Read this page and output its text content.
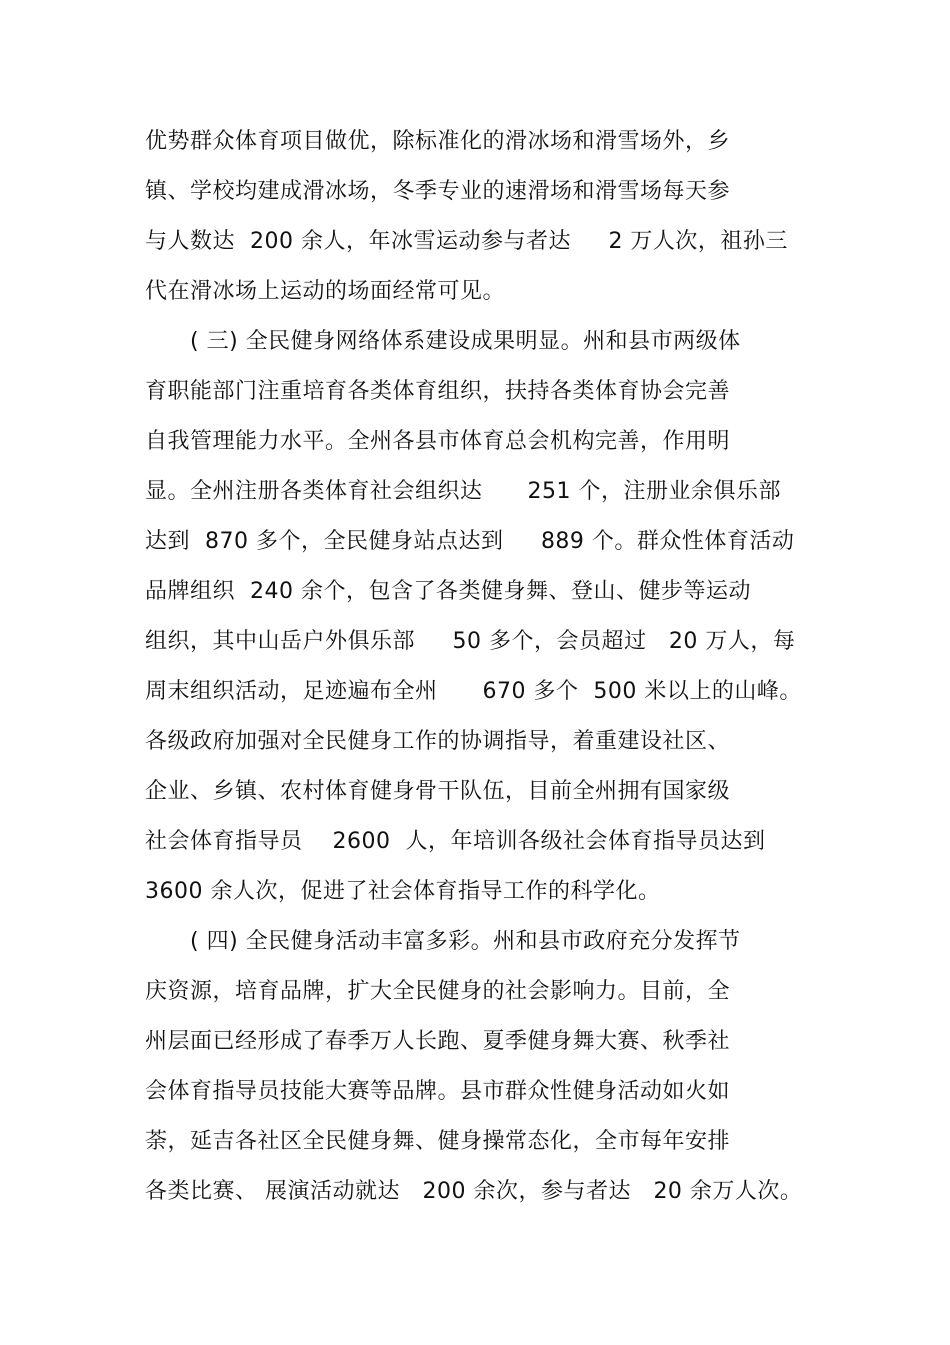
优势群众体育项目做优，除标准化的滑冰场和滑雪场外，乡
镇、学校均建成滑冰场，冬季专业的速滑场和滑雪场每天参
与人数达  200 余人，年冰雪运动参与者达     2 万人次，祖孙三
代在滑冰场上运动的场面经常可见。
( 三) 全民健身网络体系建设成果明显。州和县市两级体
育职能部门注重培育各类体育组织，扶持各类体育协会完善
自我管理能力水平。全州各县市体育总会机构完善，作用明
显。全州注册各类体育社会组织达      251 个，注册业余俱乐部
达到  870 多个，全民健身站点达到     889 个。群众性体育活动
品牌组织  240 余个，包含了各类健身舞、登山、健步等运动
组织，其中山岳户外俱乐部     50 多个，会员超过   20 万人，每
周末组织活动，足迹遍布全州      670 多个  500 米以上的山峰。
各级政府加强对全民健身工作的协调指导，着重建设社区、
企业、乡镇、农村体育健身骨干队伍，目前全州拥有国家级
社会体育指导员    2600  人，年培训各级社会体育指导员达到
3600 余人次，促进了社会体育指导工作的科学化。
( 四) 全民健身活动丰富多彩。州和县市政府充分发挥节
庆资源，培育品牌，扩大全民健身的社会影响力。目前，全
州层面已经形成了春季万人长跑、夏季健身舞大赛、秋季社
会体育指导员技能大赛等品牌。县市群众性健身活动如火如
荼，延吉各社区全民健身舞、健身操常态化，全市每年安排
各类比赛、 展演活动就达   200 余次，参与者达   20 余万人次。
